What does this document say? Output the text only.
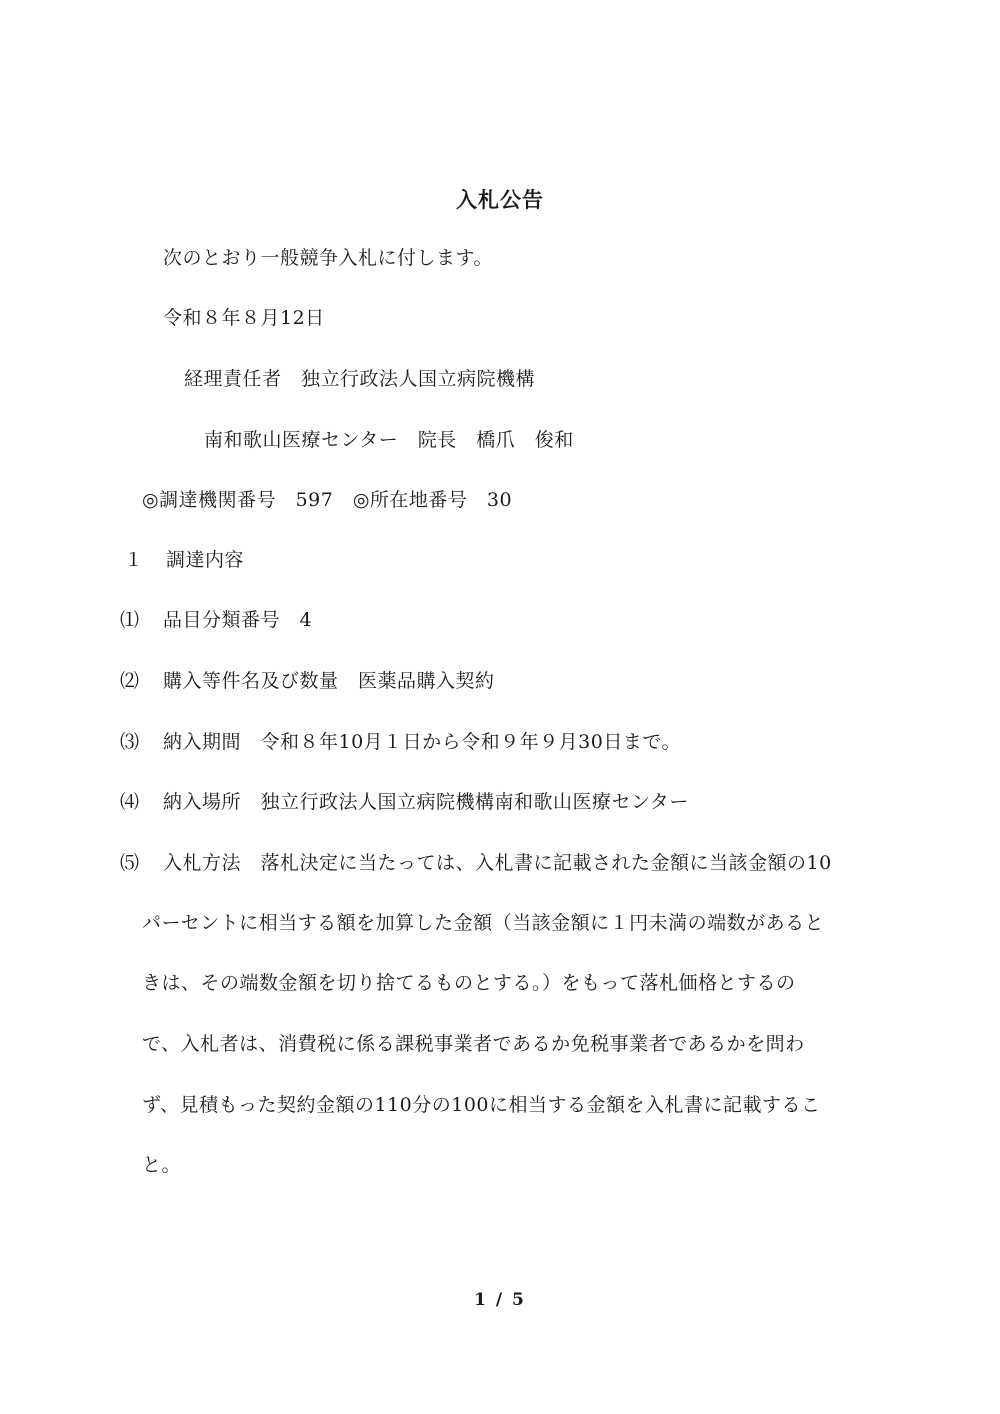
入札公告
次のとおり一般競争入札に付します。
令和８年８月12日
経理責任者　独立行政法人国立病院機構
南和歌山医療センター　院長　橋爪　俊和
◎調達機関番号　597　◎所在地番号　30
１ 調達内容
⑴ 品目分類番号　4
⑵ 購入等件名及び数量　医薬品購入契約
⑶ 納入期間　令和８年10月１日から令和９年９月30日まで。
⑷ 納入場所　独立行政法人国立病院機構南和歌山医療センター
⑸ 入札方法　落札決定に当たっては、入札書に記載された金額に当該金額の10
パーセントに相当する額を加算した金額（当該金額に１円未満の端数があると
きは、その端数金額を切り捨てるものとする。）をもって落札価格とするの
で、入札者は、消費税に係る課税事業者であるか免税事業者であるかを問わ
ず、見積もった契約金額の110分の100に相当する金額を入札書に記載するこ
と。
1 / 5
